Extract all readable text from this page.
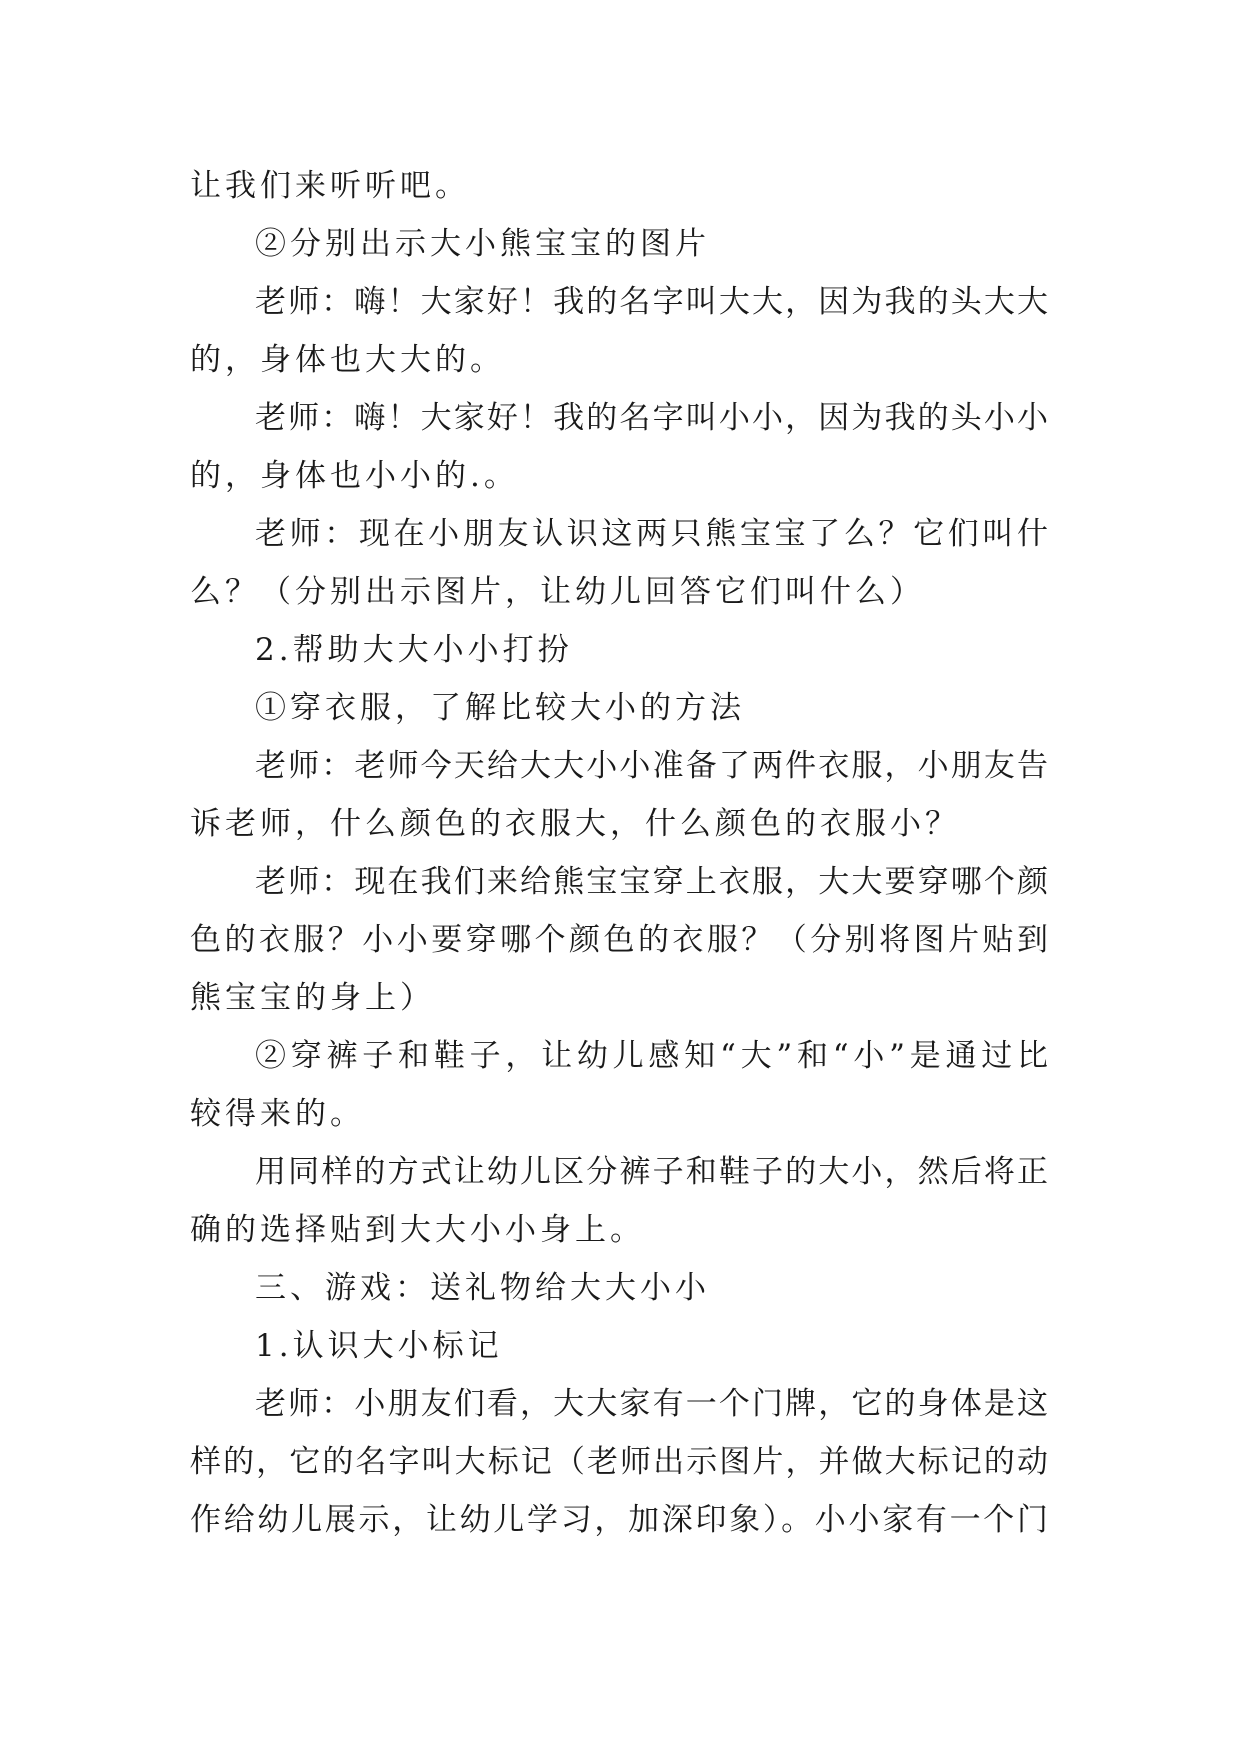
让我们来听听吧。
②分别出示大小熊宝宝的图片
老师：嗨！大家好！我的名字叫大大，因为我的头大大
的，身体也大大的。
老师：嗨！大家好！我的名字叫小小，因为我的头小小
的，身体也小小的.。
老师：现在小朋友认识这两只熊宝宝了么？它们叫什
么？（分别出示图片，让幼儿回答它们叫什么）
2.帮助大大小小打扮
①穿衣服，了解比较大小的方法
老师：老师今天给大大小小准备了两件衣服，小朋友告
诉老师，什么颜色的衣服大，什么颜色的衣服小？
老师：现在我们来给熊宝宝穿上衣服，大大要穿哪个颜
色的衣服？小小要穿哪个颜色的衣服？（分别将图片贴到
熊宝宝的身上）
②穿裤子和鞋子，让幼儿感知“大”和“小”是通过比
较得来的。
用同样的方式让幼儿区分裤子和鞋子的大小，然后将正
确的选择贴到大大小小身上。
三、游戏：送礼物给大大小小
1.认识大小标记
老师：小朋友们看，大大家有一个门牌，它的身体是这
样的，它的名字叫大标记（老师出示图片，并做大标记的动
作给幼儿展示，让幼儿学习，加深印象）。小小家有一个门
